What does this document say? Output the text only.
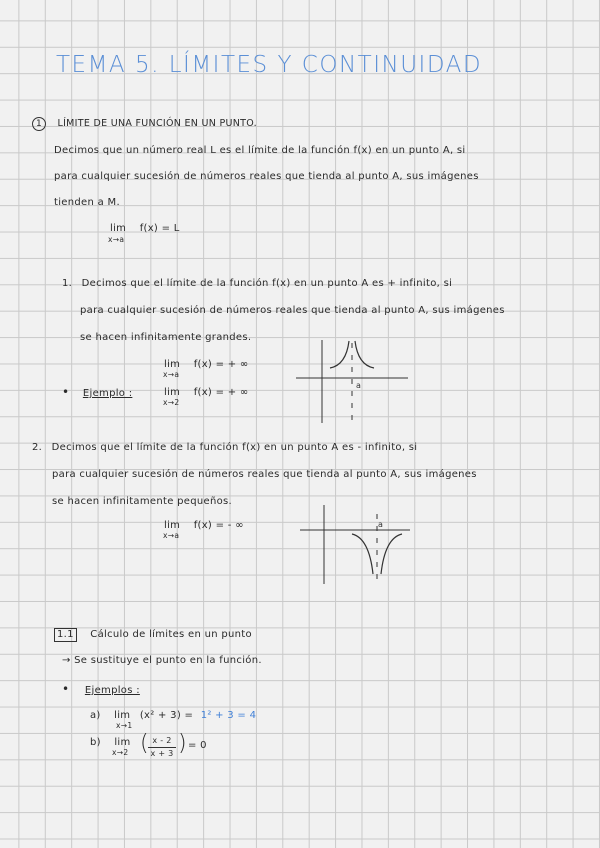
TEMA 5. LÍMITES Y CONTINUIDAD
1 LÍMITE DE UNA FUNCIÓN EN UN PUNTO.
Decimos que un número real L es el límite de la función f(x) en un punto A, si
para cualquier sucesión de números reales que tienda al punto A, sus imágenes
tienden a M.
lim f(x) = L
x→a
1. Decimos que el límite de la función f(x) en un punto A es + infinito, si
para cualquier sucesión de números reales que tienda al punto A, sus imágenes
se hacen infinitamente grandes.
lim f(x) = + ∞
x→a
• Ejemplo :	lim f(x) = + ∞
x→2
a
2. Decimos que el límite de la función f(x) en un punto A es - infinito, si
para cualquier sucesión de números reales que tienda al punto A, sus imágenes
se hacen infinitamente pequeños.
lim f(x) = - ∞
x→a
a
1.1 Cálculo de límites en un punto
→ Se sustituye el punto en la función.
• Ejemplos :
a) lim (x² + 3) = 1² + 3 = 4
x→1
b) lim
x→2 ( $\frac{x - 2}{x + 3}$ ) = 0
